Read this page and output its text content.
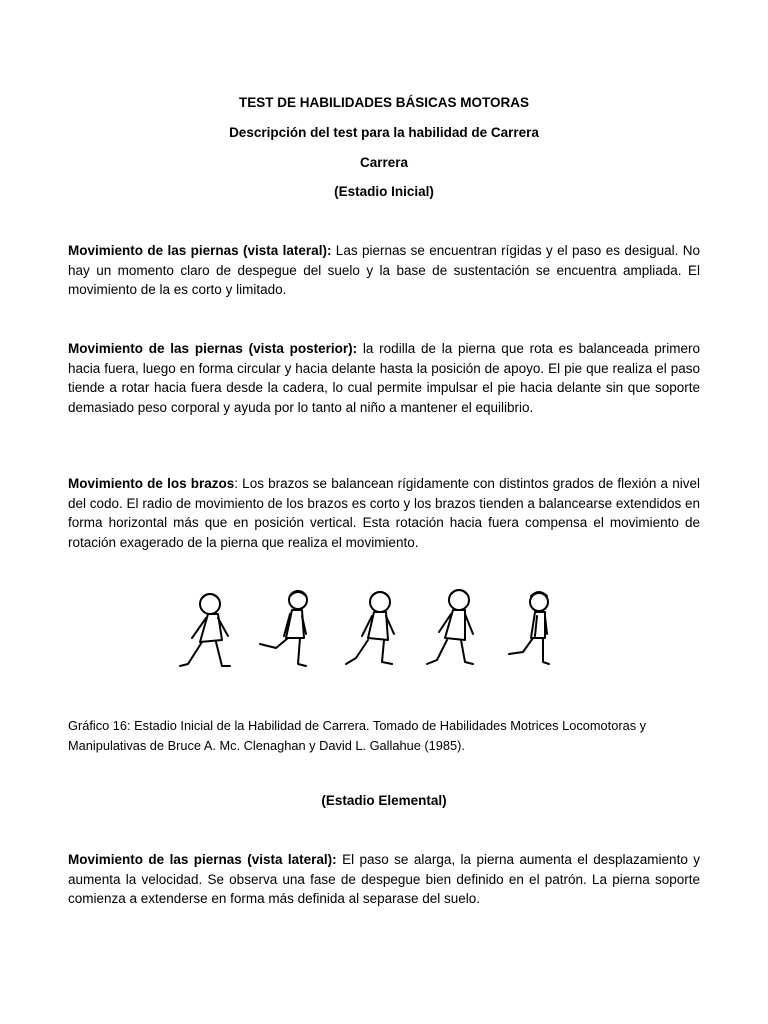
TEST DE HABILIDADES BÁSICAS MOTORAS
Descripción del test para la habilidad de Carrera
Carrera
(Estadio Inicial)

Movimiento de las piernas (vista lateral): Las piernas se encuentran rígidas y el paso es desigual. No hay un momento claro de despegue del suelo y la base de sustentación se encuentra ampliada. El movimiento de la es corto y limitado.

Movimiento de las piernas (vista posterior): la rodilla de la pierna que rota es balanceada primero hacia fuera, luego en forma circular y hacia delante hasta la posición de apoyo. El pie que realiza el paso tiende a rotar hacia fuera desde la cadera, lo cual permite impulsar el pie hacia delante sin que soporte demasiado peso corporal y ayuda por lo tanto al niño a mantener el equilibrio.

Movimiento de los brazos: Los brazos se balancean rígidamente con distintos grados de flexión a nivel del codo. El radio de movimiento de los brazos es corto y los brazos tienden a balancearse extendidos en forma horizontal más que en posición vertical. Esta rotación hacia fuera compensa el movimiento de rotación exagerado de la pierna que realiza el movimiento.

Gráfico 16: Estadio Inicial de la Habilidad de Carrera. Tomado de Habilidades Motrices Locomotoras y Manipulativas de Bruce A. Mc. Clenaghan y David L. Gallahue (1985).
(Estadio Elemental)

Movimiento de las piernas (vista lateral): El paso se alarga, la pierna aumenta el desplazamiento y aumenta la velocidad. Se observa una fase de despegue bien definido en el patrón. La pierna soporte comienza a extenderse en forma más definida al separase del suelo.
